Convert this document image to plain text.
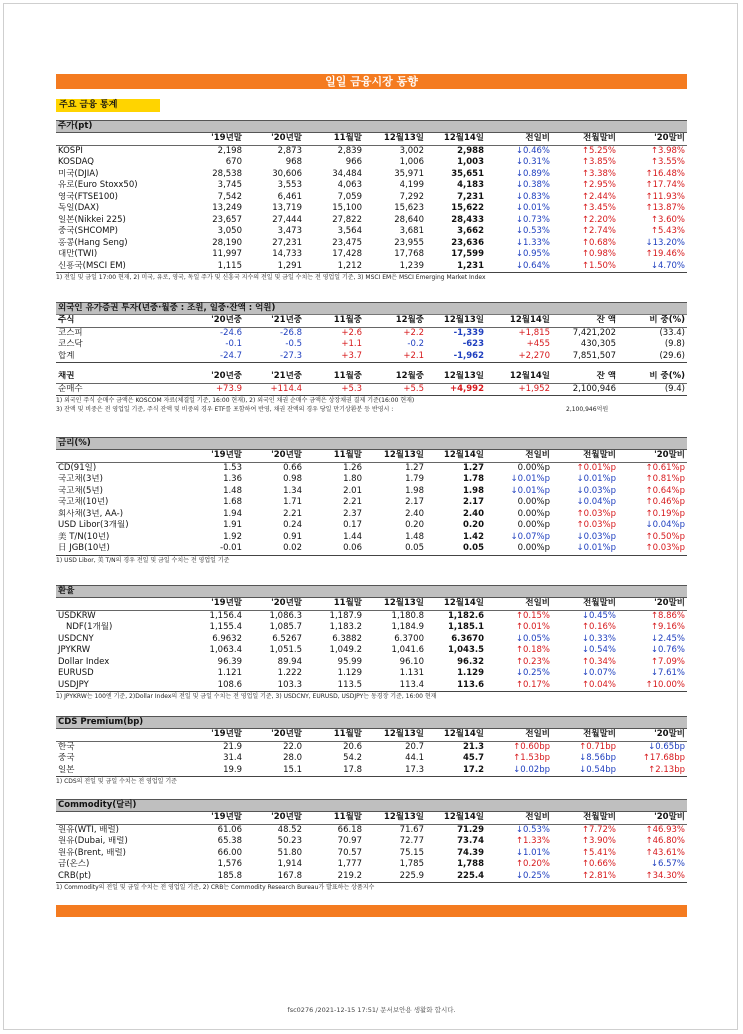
일일 금융시장 동향
주요 금융 통계
주가(pt)
	'19년말	'20년말	11월말	12월13일	12월14일	전일비	전월말비	'20말비
KOSPI	2,198	2,873	2,839	3,002	2,988	↓0.46%	↑5.25%	↑3.98%
KOSDAQ	670	968	966	1,006	1,003	↓0.31%	↑3.85%	↑3.55%
미국(DJIA)	28,538	30,606	34,484	35,971	35,651	↓0.89%	↑3.38%	↑16.48%
유로(Euro Stoxx50)	3,745	3,553	4,063	4,199	4,183	↓0.38%	↑2.95%	↑17.74%
영국(FTSE100)	7,542	6,461	7,059	7,292	7,231	↓0.83%	↑2.44%	↑11.93%
독일(DAX)	13,249	13,719	15,100	15,623	15,622	↓0.01%	↑3.45%	↑13.87%
일본(Nikkei 225)	23,657	27,444	27,822	28,640	28,433	↓0.73%	↑2.20%	↑3.60%
중국(SHCOMP)	3,050	3,473	3,564	3,681	3,662	↓0.53%	↑2.74%	↑5.43%
홍콩(Hang Seng)	28,190	27,231	23,475	23,955	23,636	↓1.33%	↑0.68%	↓13.20%
대만(TWI)	11,997	14,733	17,428	17,768	17,599	↓0.95%	↑0.98%	↑19.46%
신흥국(MSCI EM)	1,115	1,291	1,212	1,239	1,231	↓0.64%	↑1.50%	↓4.70%
1) 전일 및 금일 17:00 현재, 2) 미국, 유로, 영국, 독일 주가 및 신흥국 지수의 전일 및 금일 수치는 전 영업일 기준, 3) MSCI EM은 MSCI Emerging Market Index
외국인 유가증권 투자(년중·월중 : 조원, 일중·잔액 : 억원)
주식	'20년중	'21년중	11월중	12월중	12월13일	12월14일	잔 액	비 중(%)
코스피	-24.6	-26.8	+2.6	+2.2	-1,339	+1,815	7,421,202	(33.4)
코스닥	-0.1	-0.5	+1.1	-0.2	-623	+455	430,305	(9.8)
합계	-24.7	-27.3	+3.7	+2.1	-1,962	+2,270	7,851,507	(29.6)
채권	'20년중	'21년중	11월중	12월중	12월13일	12월14일	잔 액	비 중(%)
순매수	+73.9	+114.4	+5.3	+5.5	+4,992	+1,952	2,100,946	(9.4)
1) 외국인 주식 순매수 금액은 KOSCOM 자료(체결일 기준, 16:00 현재), 2) 외국인 채권 순매수 금액은 상장채권 결제 기준(16:00 현재)
3) 잔액 및 비중은 전 영업일 기준, 주식 잔액 및 비중의 경우 ETF를 포함하여 반영, 채권 잔액의 경우 당일 만기상환분 등 반영시 :	2,100,946억원
금리(%)
	'19년말	'20년말	11월말	12월13일	12월14일	전일비	전월말비	'20말비
CD(91일)	1.53	0.66	1.26	1.27	1.27	0.00%p	↑0.01%p	↑0.61%p
국고채(3년)	1.36	0.98	1.80	1.79	1.78	↓0.01%p	↓0.01%p	↑0.81%p
국고채(5년)	1.48	1.34	2.01	1.98	1.98	↓0.01%p	↓0.03%p	↑0.64%p
국고채(10년)	1.68	1.71	2.21	2.17	2.17	0.00%p	↓0.04%p	↑0.46%p
회사채(3년, AA-)	1.94	2.21	2.37	2.40	2.40	0.00%p	↑0.03%p	↑0.19%p
USD Libor(3개월)	1.91	0.24	0.17	0.20	0.20	0.00%p	↑0.03%p	↓0.04%p
美 T/N(10년)	1.92	0.91	1.44	1.48	1.42	↓0.07%p	↓0.03%p	↑0.50%p
日 JGB(10년)	-0.01	0.02	0.06	0.05	0.05	0.00%p	↓0.01%p	↑0.03%p
1) USD Libor, 美 T/N의 경우 전일 및 금일 수치는 전 영업일 기준
환율
	'19년말	'20년말	11월말	12월13일	12월14일	전일비	전월말비	'20말비
USDKRW	1,156.4	1,086.3	1,187.9	1,180.8	1,182.6	↑0.15%	↓0.45%	↑8.86%
NDF(1개월)	1,155.4	1,085.7	1,183.2	1,184.9	1,185.1	↑0.01%	↑0.16%	↑9.16%
USDCNY	6.9632	6.5267	6.3882	6.3700	6.3670	↓0.05%	↓0.33%	↓2.45%
JPYKRW	1,063.4	1,051.5	1,049.2	1,041.6	1,043.5	↑0.18%	↓0.54%	↓0.76%
Dollar Index	96.39	89.94	95.99	96.10	96.32	↑0.23%	↑0.34%	↑7.09%
EURUSD	1.121	1.222	1.129	1.131	1.129	↓0.25%	↓0.07%	↓7.61%
USDJPY	108.6	103.3	113.5	113.4	113.6	↑0.17%	↑0.04%	↑10.00%
1) JPYKRW는 100엔 기준, 2)Dollar Index의 전일 및 금일 수치는 전 영업일 기준, 3) USDCNY, EURUSD, USDJPY는 동경장 기준, 16:00 현재
CDS Premium(bp)
	'19년말	'20년말	11월말	12월13일	12월14일	전일비	전월말비	'20말비
한국	21.9	22.0	20.6	20.7	21.3	↑0.60bp	↑0.71bp	↓0.65bp
중국	31.4	28.0	54.2	44.1	45.7	↑1.53bp	↓8.56bp	↑17.68bp
일본	19.9	15.1	17.8	17.3	17.2	↓0.02bp	↓0.54bp	↑2.13bp
1) CDS의 전일 및 금일 수치는 전 영업일 기준
Commodity(달러)
	'19년말	'20년말	11월말	12월13일	12월14일	전일비	전월말비	'20말비
원유(WTI, 배럴)	61.06	48.52	66.18	71.67	71.29	↓0.53%	↑7.72%	↑46.93%
원유(Dubai, 배럴)	65.38	50.23	70.97	72.77	73.74	↑1.33%	↑3.90%	↑46.80%
원유(Brent, 배럴)	66.00	51.80	70.57	75.15	74.39	↓1.01%	↑5.41%	↑43.61%
금(온스)	1,576	1,914	1,777	1,785	1,788	↑0.20%	↑0.66%	↓6.57%
CRB(pt)	185.8	167.8	219.2	225.9	225.4	↓0.25%	↑2.81%	↑34.30%
1) Commodity의 전일 및 금일 수치는 전 영업일 기준, 2) CRB는 Commodity Research Bureau가 발표하는 상품지수
fsc0276 /2021-12-15 17:51/ 문서보안용 생활화 합시다.
